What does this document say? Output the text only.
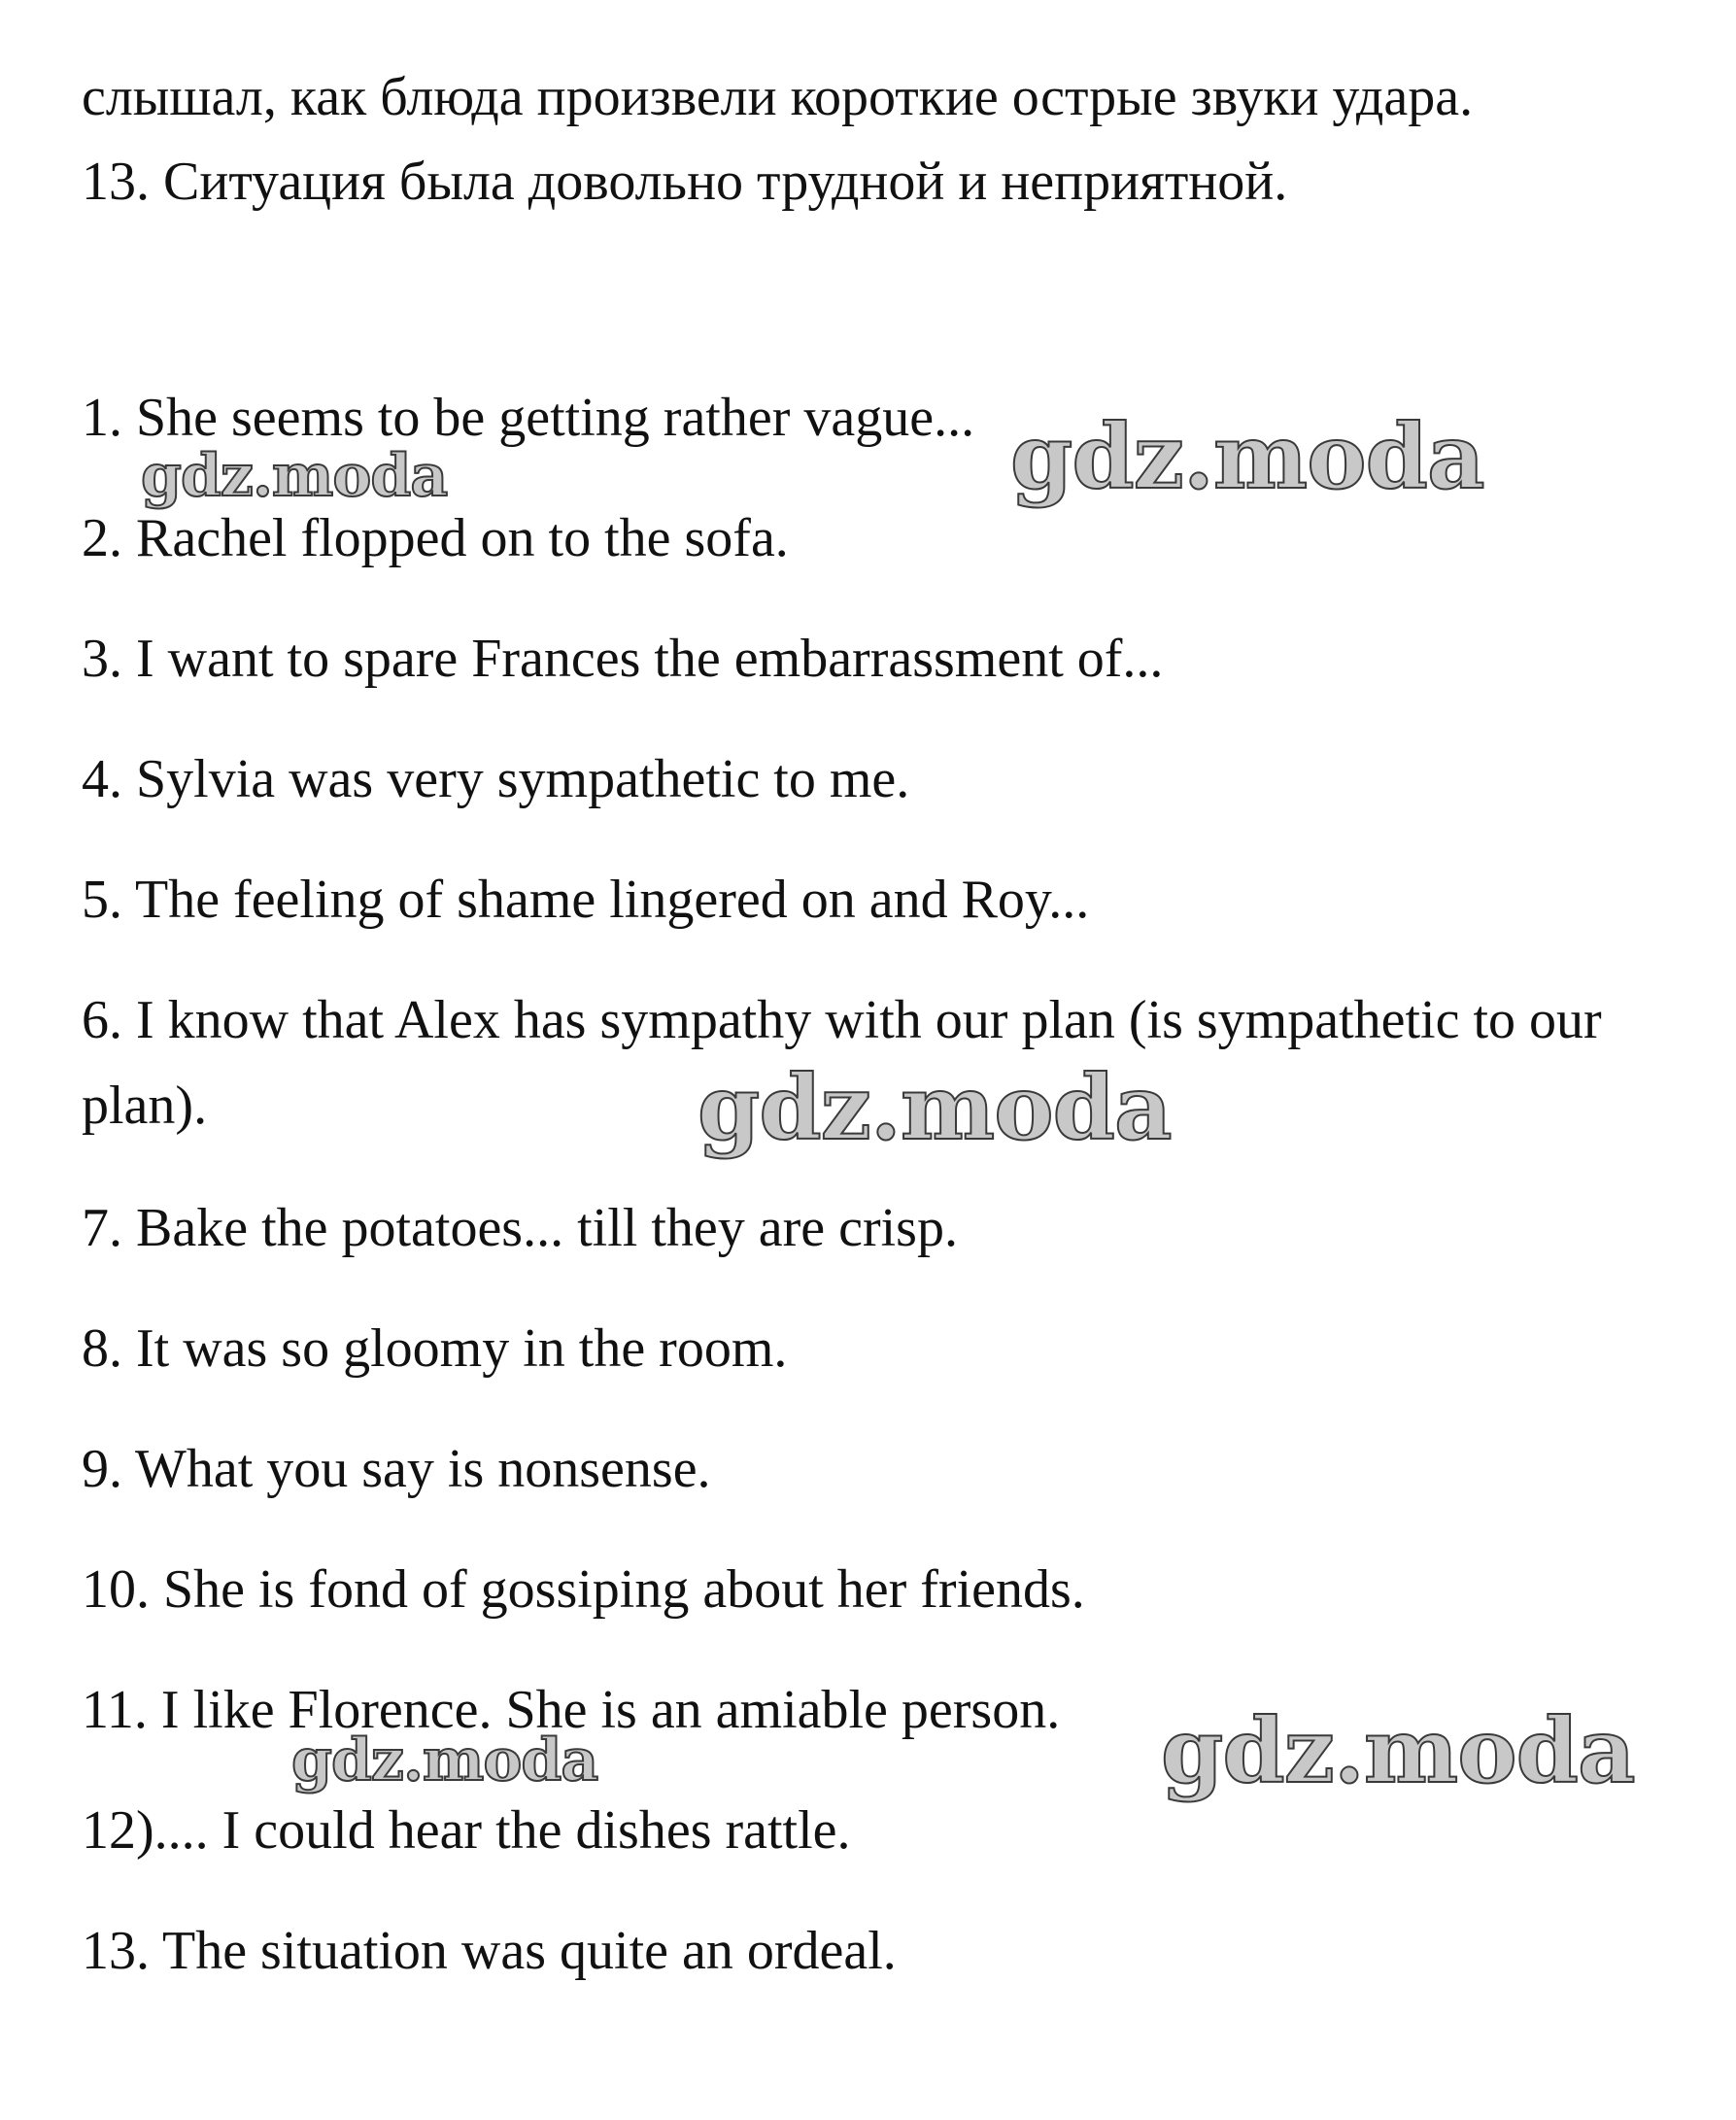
слышал, как блюда произвели короткие острые звуки удара.

13. Ситуация была довольно трудной и неприятной.

1. She seems to be getting rather vague...

2. Rachel flopped on to the sofa.

3. I want to spare Frances the embarrassment of...

4. Sylvia was very sympathetic to me.

5. The feeling of shame lingered on and Roy...

6. I know that Alex has sympathy with our plan (is sympathetic to our plan).

7. Bake the potatoes... till they are crisp.

8. It was so gloomy in the room.

9. What you say is nonsense.

10. She is fond of gossiping about her friends.

11. I like Florence. She is an amiable person.

12).... I could hear the dishes rattle.

13. The situation was quite an ordeal.

gdz.moda
gdz.moda
gdz.moda
gdz.moda
gdz.moda
